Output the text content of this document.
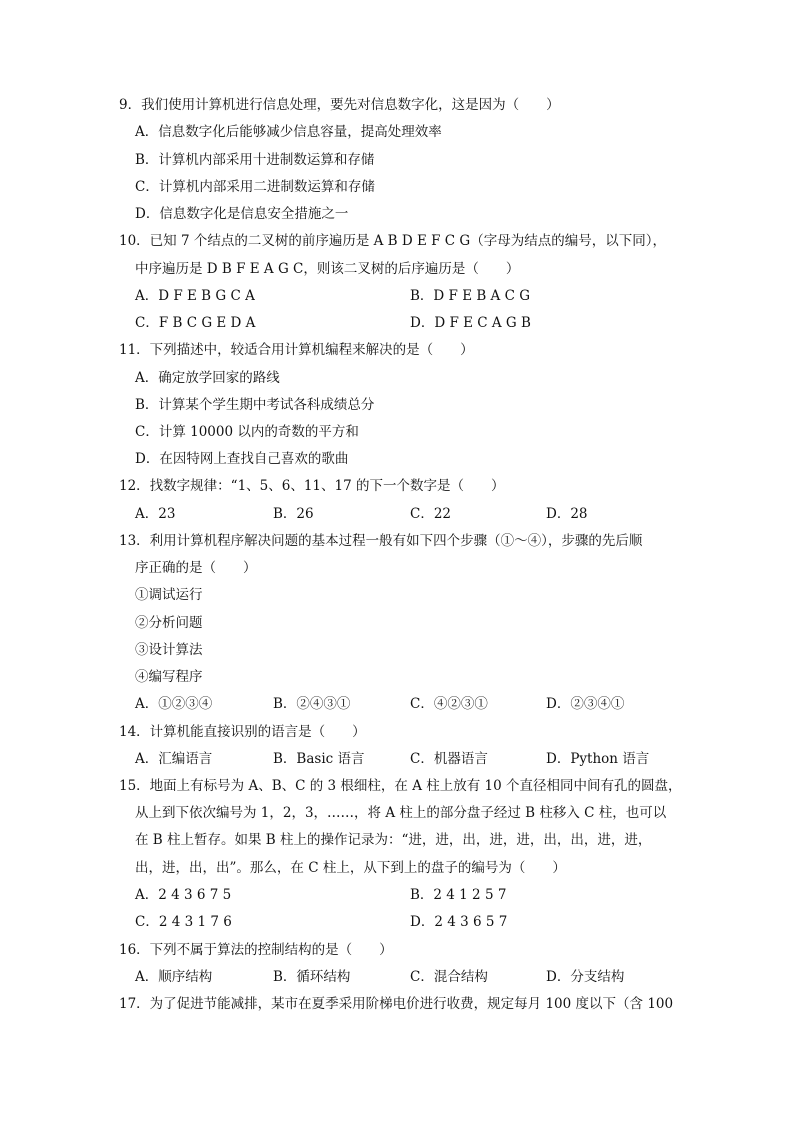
9．我们使用计算机进行信息处理，要先对信息数字化，这是因为（　　）
A．信息数字化后能够减少信息容量，提高处理效率
B．计算机内部采用十进制数运算和存储
C．计算机内部采用二进制数运算和存储
D．信息数字化是信息安全措施之一
10．已知 7 个结点的二叉树的前序遍历是 A B D E F C G（字母为结点的编号，以下同），
中序遍历是 D B F E A G C，则该二叉树的后序遍历是（　　）
A．D F E B G C A	B．D F E B A C G
C．F B C G E D A	D．D F E C A G B
11．下列描述中，较适合用计算机编程来解决的是（　　）
A．确定放学回家的路线
B．计算某个学生期中考试各科成绩总分
C．计算 10000 以内的奇数的平方和
D．在因特网上查找自己喜欢的歌曲
12．找数字规律：“1、5、6、11、17 的下一个数字是（　　）
A．23	B．26	C．22	D．28
13．利用计算机程序解决问题的基本过程一般有如下四个步骤（①～④），步骤的先后顺
序正确的是（　　）
①调试运行
②分析问题
③设计算法
④编写程序
A．①②③④	B．②④③①	C．④②③①	D．②③④①
14．计算机能直接识别的语言是（　　）
A．汇编语言	B．Basic 语言	C．机器语言	D．Python 语言
15．地面上有标号为 A、B、C 的 3 根细柱，在 A 柱上放有 10 个直径相同中间有孔的圆盘，
从上到下依次编号为 1，2，3，……，将 A 柱上的部分盘子经过 B 柱移入 C 柱，也可以
在 B 柱上暂存。如果 B 柱上的操作记录为：“进，进，出，进，进，出，出，进，进，
出，进，出，出”。那么，在 C 柱上，从下到上的盘子的编号为（　　）
A．2 4 3 6 7 5	B．2 4 1 2 5 7
C．2 4 3 1 7 6	D．2 4 3 6 5 7
16．下列不属于算法的控制结构的是（　　）
A．顺序结构	B．循环结构	C．混合结构	D．分支结构
17．为了促进节能减排，某市在夏季采用阶梯电价进行收费，规定每月 100 度以下（含 100
